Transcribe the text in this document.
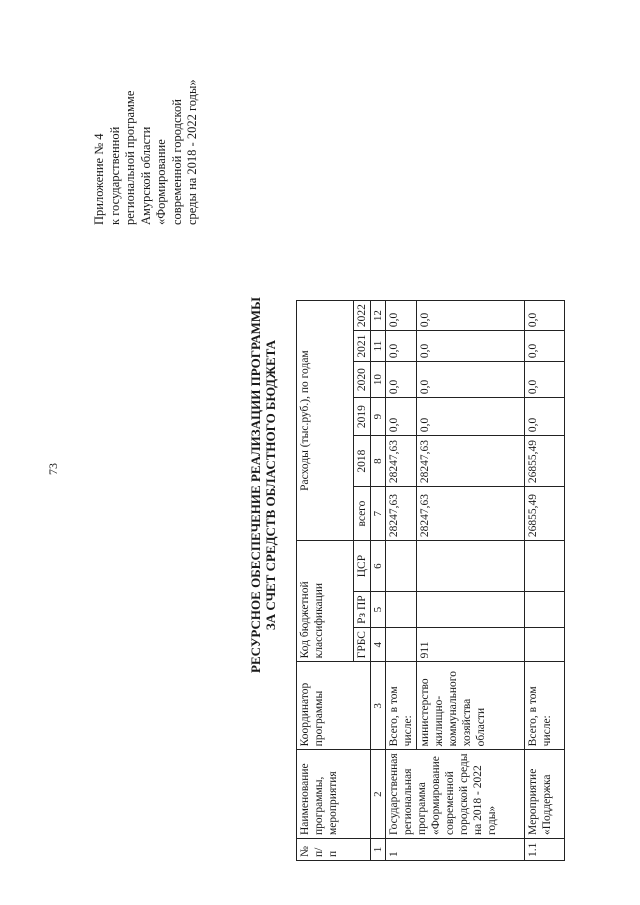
73
Приложение № 4 к государственной региональной программе Амурской области «Формирование современной городской среды на 2018 - 2022 годы»
РЕСУРСНОЕ ОБЕСПЕЧЕНИЕ РЕАЛИЗАЦИИ ПРОГРАММЫ ЗА СЧЕТ СРЕДСТВ ОБЛАСТНОГО БЮДЖЕТА
№ п/п	Наименование программы, мероприятия	Координатор программы	Код бюджетной классификации			Расходы (тыс.руб.), по годам					
			ГРБС	Рз ПР	ЦСР	всего	2018	2019	2020	2021	2022
1	2	3	4	5	6	7	8	9	10	11	12
1	Государственная региональная программа «Формирование современной городской среды на 2018 - 2022 годы»	Всего, в том числе:				28247,63	28247,63	0,0	0,0	0,0	0,0
		министерство жилищно-коммунального хозяйства области	911			28247,63	28247,63	0,0	0,0	0,0	0,0
1.1	Мероприятие «Поддержка	Всего, в том числе:				26855,49	26855,49	0,0	0,0	0,0	0,0
